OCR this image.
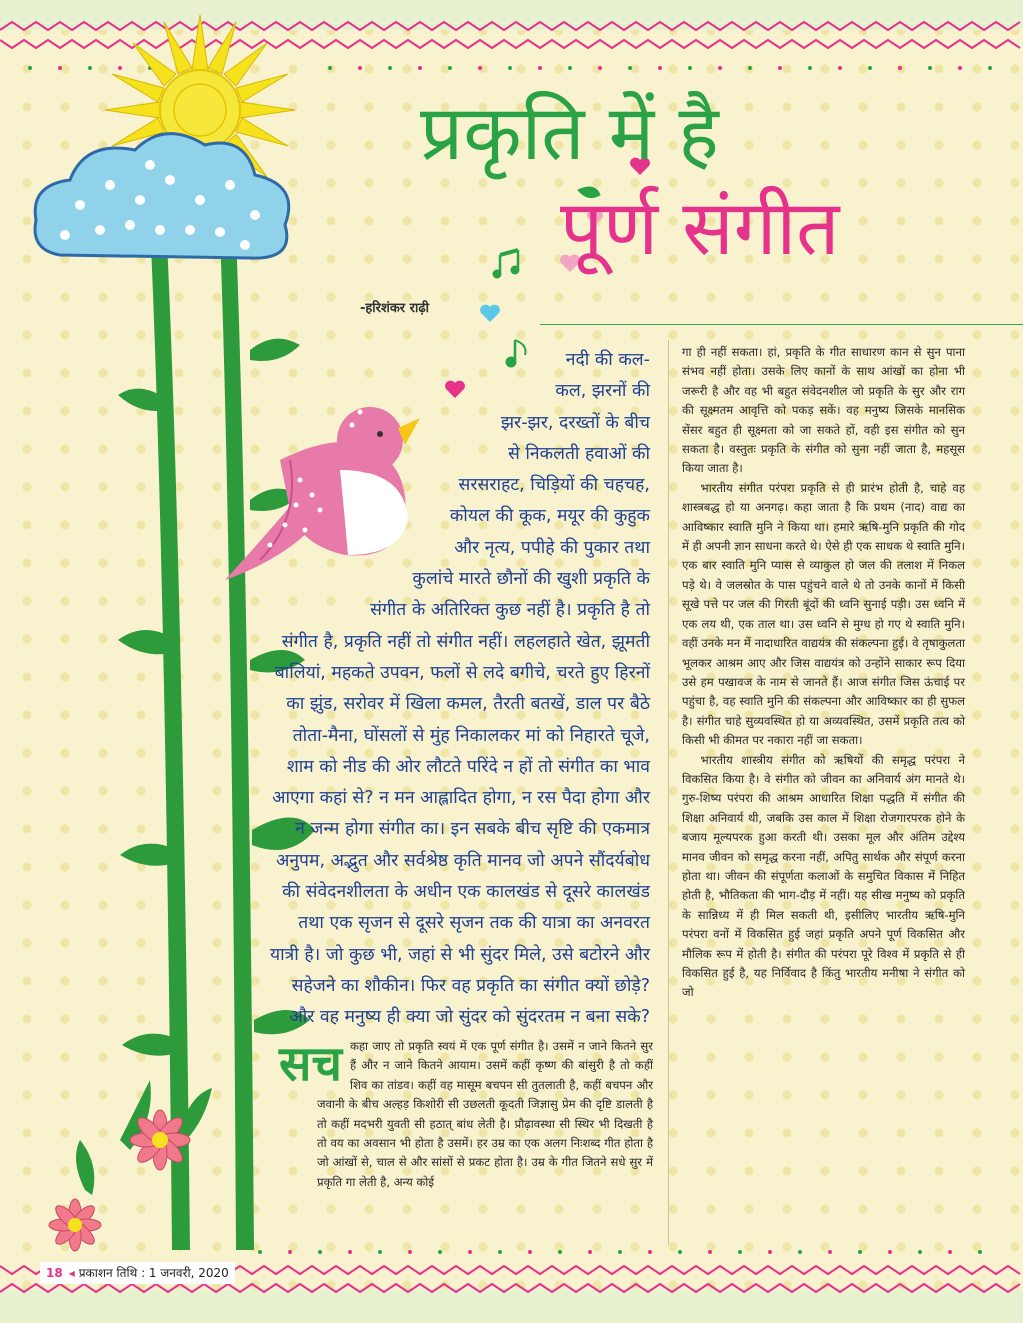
प्रकृति में है
पूर्ण संगीत
-हरिशंकर राढ़ी
नदी की कल-
कल, झरनों की
झर-झर, दरख्तों के बीच
से निकलती हवाओं की
सरसराहट, चिड़ियों की चहचह,
कोयल की कूक, मयूर की कुहुक
और नृत्य, पपीहे की पुकार तथा
कुलांचे मारते छौनों की खुशी प्रकृति के
संगीत के अतिरिक्त कुछ नहीं है। प्रकृति है तो
संगीत है, प्रकृति नहीं तो संगीत नहीं। लहलहाते खेत, झूमती
बालियां, महकते उपवन, फलों से लदे बगीचे, चरते हुए हिरनों
का झुंड, सरोवर में खिला कमल, तैरती बतखें, डाल पर बैठे
तोता-मैना, घोंसलों से मुंह निकालकर मां को निहारते चूजे,
शाम को नीड की ओर लौटते परिंदे न हों तो संगीत का भाव
आएगा कहां से? न मन आह्लादित होगा, न रस पैदा होगा और
न जन्म होगा संगीत का। इन सबके बीच सृष्टि की एकमात्र
अनुपम, अद्भुत और सर्वश्रेष्ठ कृति मानव जो अपने सौंदर्यबोध
की संवेदनशीलता के अधीन एक कालखंड से दूसरे कालखंड
तथा एक सृजन से दूसरे सृजन तक की यात्रा का अनवरत
यात्री है। जो कुछ भी, जहां से भी सुंदर मिले, उसे बटोरने और
सहेजने का शौकीन। फिर वह प्रकृति का संगीत क्यों छोड़े?
और वह मनुष्य ही क्या जो सुंदर को सुंदरतम न बना सके?
सच कहा जाए तो प्रकृति स्वयं में एक पूर्ण संगीत है। उसमें न जाने कितने सुर हैं और न जाने कितने आयाम। उसमें कहीं कृष्ण की बांसुरी है तो कहीं शिव का तांडव। कहीं वह मासूम बचपन सी तुतलाती है, कहीं बचपन और जवानी के बीच अल्हड़ किशोरी सी उछलती कूदती जिज्ञासु प्रेम की दृष्टि डालती है तो कहीं मदभरी युवती सी हठात् बांध लेती है। प्रौढ़ावस्था सी स्थिर भी दिखती है तो वय का अवसान भी होता है उसमें। हर उम्र का एक अलग निःशब्द गीत होता है जो आंखों से, चाल से और सांसों से प्रकट होता है। उम्र के गीत जितने सधे सुर में प्रकृति गा लेती है, अन्य कोई

गा ही नहीं सकता। हां, प्रकृति के गीत साधारण कान से सुन पाना संभव नहीं होता। उसके लिए कानों के साथ आंखों का होना भी जरूरी है और वह भी बहुत संवेदनशील जो प्रकृति के सुर और राग की सूक्ष्मतम आवृत्ति को पकड़ सकें। वह मनुष्य जिसके मानसिक सेंसर बहुत ही सूक्ष्मता को जा सकते हों, वही इस संगीत को सुन सकता है। वस्तुतः प्रकृति के संगीत को सुना नहीं जाता है, महसूस किया जाता है।

भारतीय संगीत परंपरा प्रकृति से ही प्रारंभ होती है, चाहे वह शास्त्रबद्ध हो या अनगढ़। कहा जाता है कि प्रथम (नाद) वाद्य का आविष्कार स्वाति मुनि ने किया था। हमारे ऋषि-मुनि प्रकृति की गोद में ही अपनी ज्ञान साधना करते थे। ऐसे ही एक साधक थे स्वाति मुनि। एक बार स्वाति मुनि प्यास से व्याकुल हो जल की तलाश में निकल पड़े थे। वे जलस्रोत के पास पहुंचने वाले थे तो उनके कानों में किसी सूखे पत्ते पर जल की गिरती बूंदों की ध्वनि सुनाई पड़ी। उस ध्वनि में एक लय थी, एक ताल था। उस ध्वनि से मुग्ध हो गए थे स्वाति मुनि। वहीं उनके मन में नादाधारित वाद्ययंत्र की संकल्पना हुई। वे तृषाकुलता भूलकर आश्रम आए और जिस वाद्ययंत्र को उन्होंने साकार रूप दिया उसे हम पखावज के नाम से जानते हैं। आज संगीत जिस ऊंचाई पर पहुंचा है, वह स्वाति मुनि की संकल्पना और आविष्कार का ही सुफल है। संगीत चाहे सुव्यवस्थित हो या अव्यवस्थित, उसमें प्रकृति तत्व को किसी भी कीमत पर नकारा नहीं जा सकता।

भारतीय शास्त्रीय संगीत को ऋषियों की समृद्ध परंपरा ने विकसित किया है। वे संगीत को जीवन का अनिवार्य अंग मानते थे। गुरु-शिष्य परंपरा की आश्रम आधारित शिक्षा पद्धति में संगीत की शिक्षा अनिवार्य थी, जबकि उस काल में शिक्षा रोजगारपरक होने के बजाय मूल्यपरक हुआ करती थी। उसका मूल और अंतिम उद्देश्य मानव जीवन को समृद्ध करना नहीं, अपितु सार्थक और संपूर्ण करना होता था। जीवन की संपूर्णता कलाओं के समुचित विकास में निहित होती है, भौतिकता की भाग-दौड़ में नहीं। यह सीख मनुष्य को प्रकृति के सान्निध्य में ही मिल सकती थी, इसीलिए भारतीय ऋषि-मुनि परंपरा वनों में विकसित हुई जहां प्रकृति अपने पूर्ण विकसित और मौलिक रूप में होती है। संगीत की परंपरा पूरे विश्व में प्रकृति से ही विकसित हुई है, यह निर्विवाद है किंतु भारतीय मनीषा ने संगीत को जो

18 ◂ प्रकाशन तिथि : 1 जनवरी, 2020
